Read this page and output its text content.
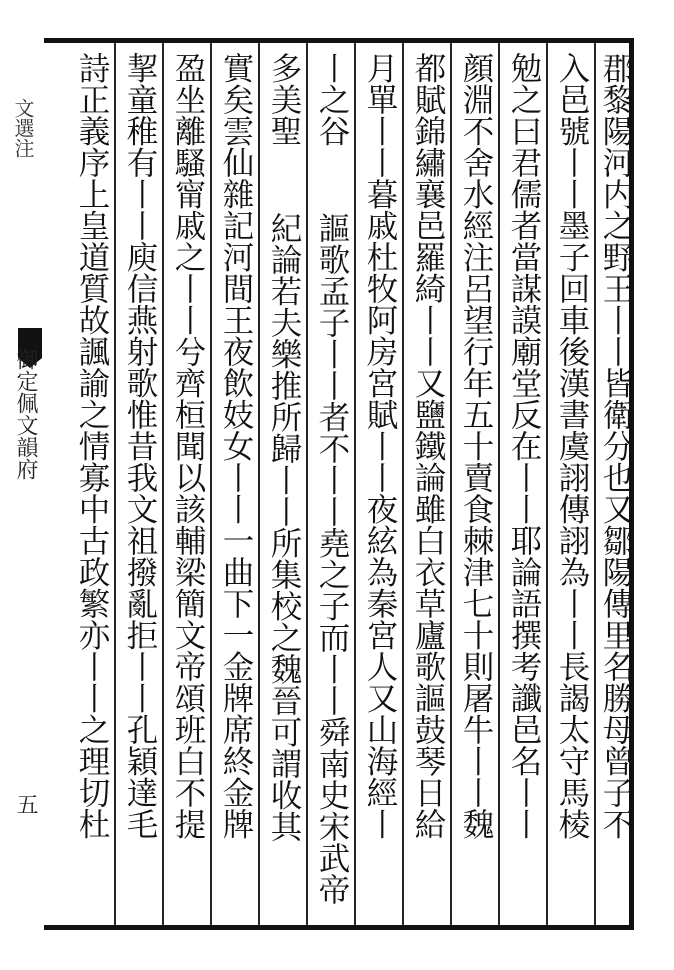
文選注
御定佩文韻府
五	郡黎陽河内之野王丨丨皆衛分也又鄒陽傳里名勝母曾子不
入邑號丨丨墨子回車後漢書虞詡傳詡為丨丨長謁太守馬棱
勉之曰君儒者當謀謨廟堂反在丨丨耶論語撰考讖邑名丨丨
顔淵不舍水經注呂望行年五十賣食棘津七十則屠牛丨丨魏
都賦錦繡襄邑羅綺丨丨又鹽鐵論雖白衣草廬歌謳鼓琴日給
月單丨丨暮戚杜牧阿房宮賦丨丨夜絃為秦宮人又山海經丨
丨之谷
多美聖
謳歌孟子丨丨者不丨丨堯之子而丨丨舜南史宋武帝
紀論若夫樂推所歸丨丨所集校之魏晉可謂收其
實矣雲仙雜記河間王夜飲妓女丨丨一曲下一金牌席終金牌
盈坐離騷甯戚之丨丨兮齊桓聞以該輔梁簡文帝頌班白不提
挈童稚有丨丨庾信燕射歌惟昔我文祖撥亂拒丨丨孔穎達毛
詩正義序上皇道質故諷諭之情寡中古政繁亦丨丨之理切杜
